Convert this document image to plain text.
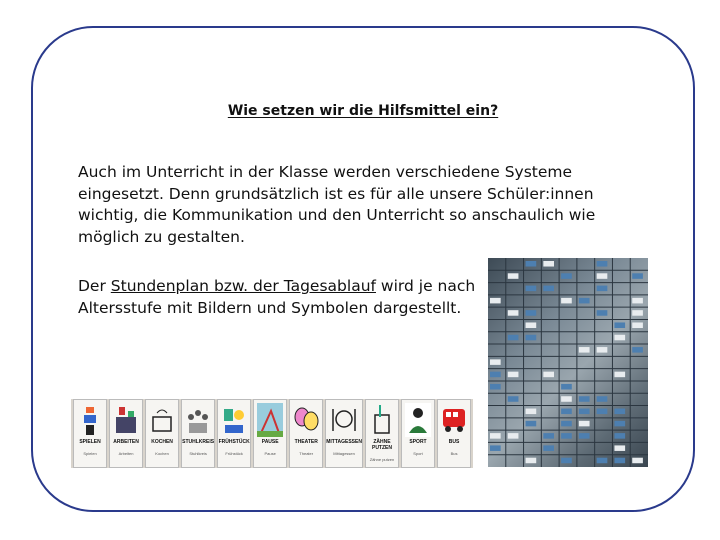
Wie setzen wir die Hilfsmittel ein?
Auch im Unterricht in der Klasse werden verschiedene Systeme eingesetzt. Denn grundsätzlich ist es für alle unsere Schüler:innen wichtig, die Kommunikation und den Unterricht so anschaulich wie möglich zu gestalten.
Der Stundenplan bzw. der Tagesablauf wird je nach Altersstufe mit Bildern und Symbolen dargestellt.
SPIELEN
Spielen
ARBEITEN
Arbeiten
KOCHEN
Kochen
STUHLKREIS
Stuhlkreis
FRÜHSTÜCK
Frühstück
PAUSE
Pause
THEATER
Theater
MITTAGESSEN
Mittagessen
ZÄHNE PUTZEN
Zähne putzen
SPORT
Sport
BUS
Bus
